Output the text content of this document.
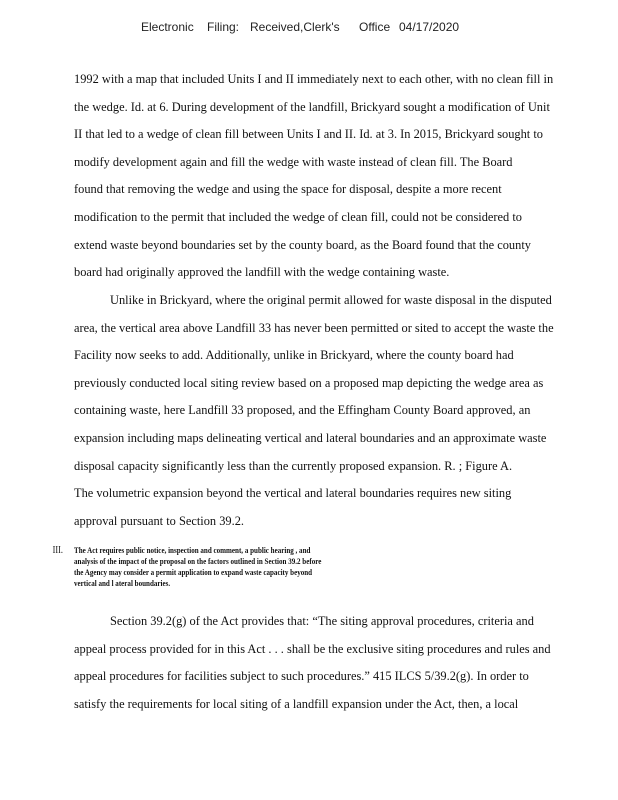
Electronic Filing: Received,Clerk's Office 04/17/2020
1992 with a map that included Units I and II immediately next to each other, with no clean fill in
the wedge. Id. at 6. During development of the landfill, Brickyard sought a modification of Unit
II that led to a wedge of clean fill between Units I and II. Id. at 3. In 2015, Brickyard sought to
modify development again and fill the wedge with waste instead of clean fill. The Board
found that removing the wedge and using the space for disposal, despite a more recent
modification to the permit that included the wedge of clean fill, could not be considered to
extend waste beyond boundaries set by the county board, as the Board found that the county
board had originally approved the landfill with the wedge containing waste.
Unlike in Brickyard, where the original permit allowed for waste disposal in the disputed
area, the vertical area above Landfill 33 has never been permitted or sited to accept the waste the
Facility now seeks to add. Additionally, unlike in Brickyard, where the county board had
previously conducted local siting review based on a proposed map depicting the wedge area as
containing waste, here Landfill 33 proposed, and the Effingham County Board approved, an
expansion including maps delineating vertical and lateral boundaries and an approximate waste
disposal capacity significantly less than the currently proposed expansion. R. ; Figure A.
The volumetric expansion beyond the vertical and lateral boundaries requires new siting
approval pursuant to Section 39.2.
III. The Act requires public notice, inspection and comment, a public hearing , and
analysis of the impact of the proposal on the factors outlined in Section 39.2 before
the Agency may consider a permit application to expand waste capacity beyond
vertical and l ateral boundaries.
Section 39.2(g) of the Act provides that: “The siting approval procedures, criteria and
appeal process provided for in this Act . . . shall be the exclusive siting procedures and rules and
appeal procedures for facilities subject to such procedures.” 415 ILCS 5/39.2(g). In order to
satisfy the requirements for local siting of a landfill expansion under the Act, then, a local
